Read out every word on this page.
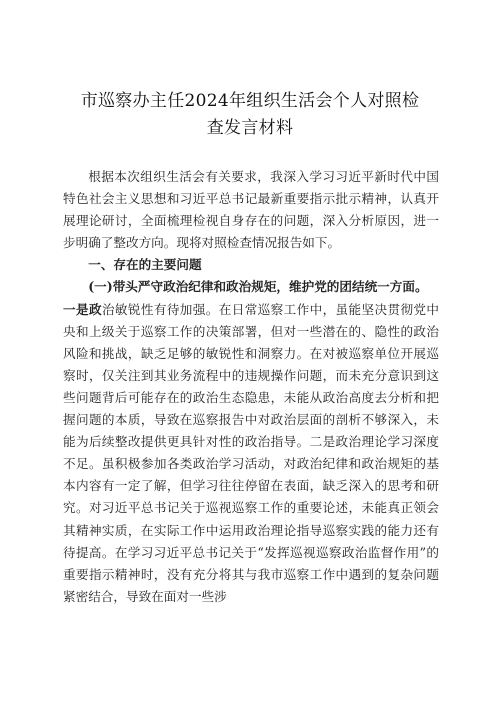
市巡察办主任2024年组织生活会个人对照检
查发言材料

根据本次组织生活会有关要求，我深入学习习近平新时代中国特色社会主义思想和习近平总书记最新重要指示批示精神，认真开展理论研讨，全面梳理检视自身存在的问题，深入分析原因，进一步明确了整改方向。现将对照检查情况报告如下。

一、存在的主要问题
(一)带头严守政治纪律和政治规矩，维护党的团结统一方面。

一是政治敏锐性有待加强。在日常巡察工作中，虽能坚决贯彻党中央和上级关于巡察工作的决策部署，但对一些潜在的、隐性的政治风险和挑战，缺乏足够的敏锐性和洞察力。在对被巡察单位开展巡察时，仅关注到其业务流程中的违规操作问题，而未充分意识到这些问题背后可能存在的政治生态隐患，未能从政治高度去分析和把握问题的本质，导致在巡察报告中对政治层面的剖析不够深入，未能为后续整改提供更具针对性的政治指导。二是政治理论学习深度不足。虽积极参加各类政治学习活动，对政治纪律和政治规矩的基本内容有一定了解，但学习往往停留在表面，缺乏深入的思考和研究。对习近平总书记关于巡视巡察工作的重要论述，未能真正领会其精神实质，在实际工作中运用政治理论指导巡察实践的能力还有待提高。在学习习近平总书记关于“发挥巡视巡察政治监督作用”的重要指示精神时，没有充分将其与我市巡察工作中遇到的复杂问题紧密结合，导致在面对一些涉
